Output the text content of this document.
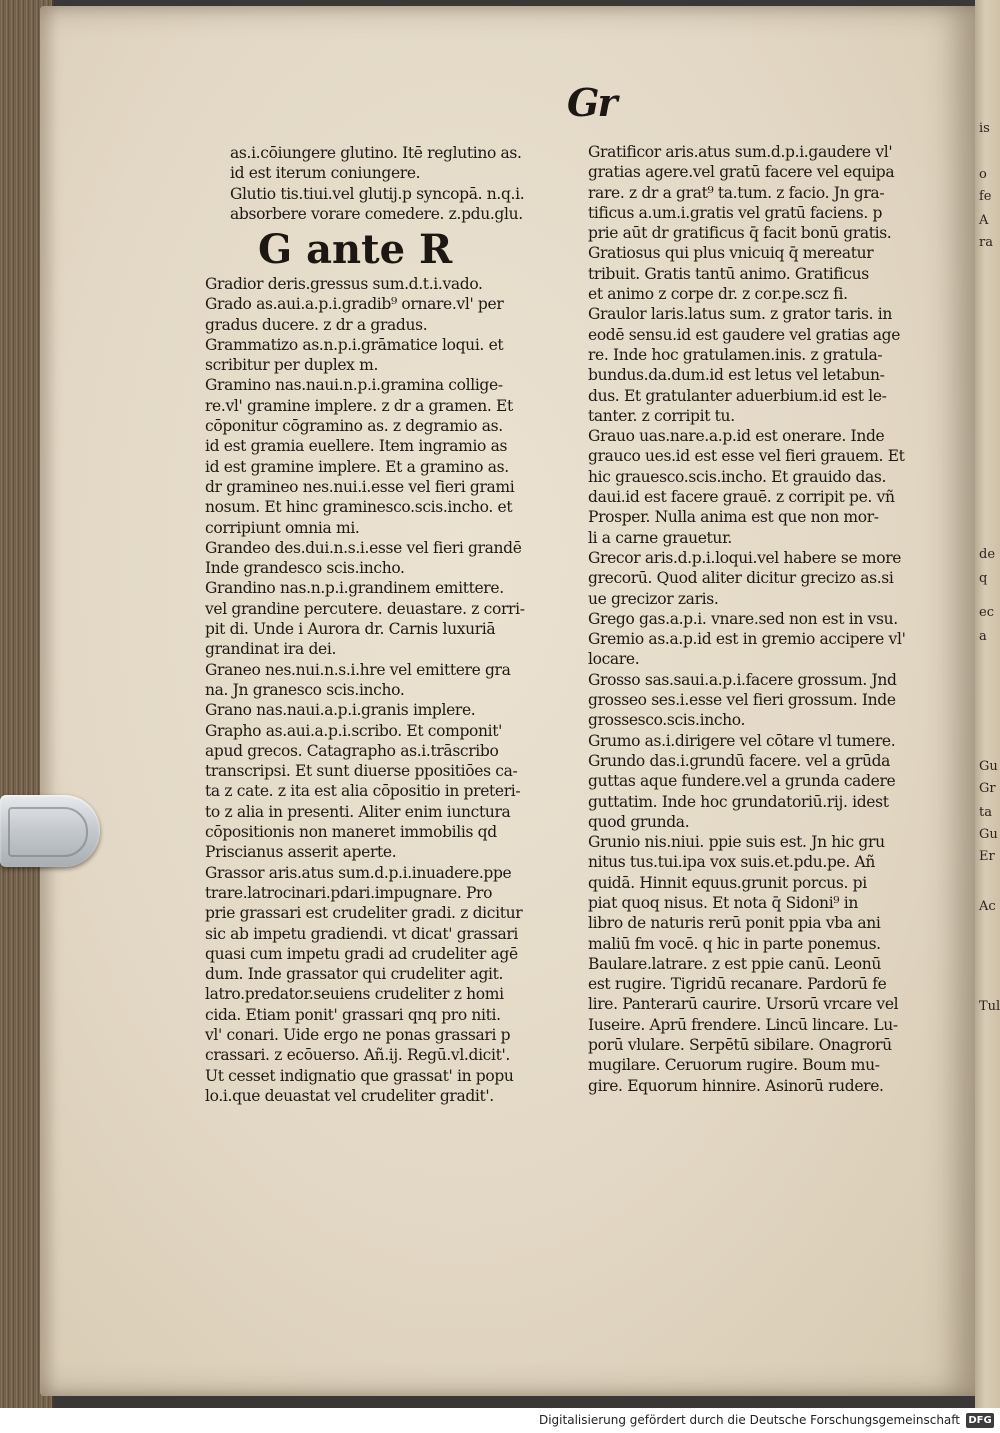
is
o
fe
A
ra
de
q
ec
a
Gu
Gr
ta
Gu
Er
Ac
Tul
Gr
as.i.cōiungere glutino. Itē reglutino as.
id est iterum coniungere.
Glutio tis.tiui.vel glutij.p syncopā. n.q.i.
absorbere vorare comedere. z.pdu.glu.
G ante R
Gradior deris.gressus sum.d.t.i.vado.
Grado as.aui.a.p.i.gradib⁹ ornare.vl' per
gradus ducere. z dr a gradus.
Grammatizo as.n.p.i.grāmatice loqui. et
scribitur per duplex m.
Gramino nas.naui.n.p.i.gramina collige-
re.vl' gramine implere. z dr a gramen. Et
cōponitur cōgramino as. z degramio as.
id est gramia euellere. Item ingramio as
id est gramine implere. Et a gramino as.
dr gramineo nes.nui.i.esse vel fieri grami
nosum. Et hinc graminesco.scis.incho. et
corripiunt omnia mi.
Grandeo des.dui.n.s.i.esse vel fieri grandē
Inde grandesco scis.incho.
Grandino nas.n.p.i.grandinem emittere.
vel grandine percutere. deuastare. z corri-
pit di. Unde i Aurora dr. Carnis luxuriā
grandinat ira dei.
Graneo nes.nui.n.s.i.hre vel emittere gra
na. Jn granesco scis.incho.
Grano nas.naui.a.p.i.granis implere.
Grapho as.aui.a.p.i.scribo. Et componit'
apud grecos. Catagrapho as.i.trāscribo
transcripsi. Et sunt diuerse ppositiōes ca-
ta z cate. z ita est alia cōpositio in preteri-
to z alia in presenti. Aliter enim iunctura
cōpositionis non maneret immobilis qd
Priscianus asserit aperte.
Grassor aris.atus sum.d.p.i.inuadere.ppe
trare.latrocinari.pdari.impugnare. Pro
prie grassari est crudeliter gradi. z dicitur
sic ab impetu gradiendi. vt dicat' grassari
quasi cum impetu gradi ad crudeliter agē
dum. Inde grassator qui crudeliter agit.
latro.predator.seuiens crudeliter z homi
cida. Etiam ponit' grassari qnq pro niti.
vl' conari. Uide ergo ne ponas grassari p
crassari. z ecōuerso. Añ.ij. Regū.vl.dicit'.
Ut cesset indignatio que grassat' in popu
lo.i.que deuastat vel crudeliter gradit'.
Gratificor aris.atus sum.d.p.i.gaudere vl'
gratias agere.vel gratū facere vel equipa
rare. z dr a grat⁹ ta.tum. z facio. Jn gra-
tificus a.um.i.gratis vel gratū faciens. p
prie aūt dr gratificus q̄ facit bonū gratis.
Gratiosus qui plus vnicuiq q̄ mereatur
tribuit. Gratis tantū animo. Gratificus
et animo z corpe dr. z cor.pe.scz fi.
Graulor laris.latus sum. z grator taris. in
eodē sensu.id est gaudere vel gratias age
re. Inde hoc gratulamen.inis. z gratula-
bundus.da.dum.id est letus vel letabun-
dus. Et gratulanter aduerbium.id est le-
tanter. z corripit tu.
Grauo uas.nare.a.p.id est onerare. Inde
grauco ues.id est esse vel fieri grauem. Et
hic grauesco.scis.incho. Et grauido das.
daui.id est facere grauē. z corripit pe. vñ
Prosper. Nulla anima est que non mor-
li a carne grauetur.
Grecor aris.d.p.i.loqui.vel habere se more
grecorū. Quod aliter dicitur grecizo as.si
ue grecizor zaris.
Grego gas.a.p.i. vnare.sed non est in vsu.
Gremio as.a.p.id est in gremio accipere vl'
locare.
Grosso sas.saui.a.p.i.facere grossum. Jnd
grosseo ses.i.esse vel fieri grossum. Inde
grossesco.scis.incho.
Grumo as.i.dirigere vel cōtare vl tumere.
Grundo das.i.grundū facere. vel a grūda
guttas aque fundere.vel a grunda cadere
guttatim. Inde hoc grundatoriū.rij. idest
quod grunda.
Grunio nis.niui. ppie suis est. Jn hic gru
nitus tus.tui.ipa vox suis.et.pdu.pe. Añ
quidā. Hinnit equus.grunit porcus. pi
piat quoq nisus. Et nota q̄ Sidoni⁹ in
libro de naturis rerū ponit ppia vba ani
maliū fm vocē. q hic in parte ponemus.
Baulare.latrare. z est ppie canū. Leonū
est rugire. Tigridū recanare. Pardorū fe
lire. Panterarū caurire. Ursorū vrcare vel
Iuseire. Aprū frendere. Lincū lincare. Lu-
porū vlulare. Serpētū sibilare. Onagrorū
mugilare. Ceruorum rugire. Boum mu-
gire. Equorum hinnire. Asinorū rudere.
Digitalisierung gefördert durch die Deutsche Forschungsgemeinschaft DFG
